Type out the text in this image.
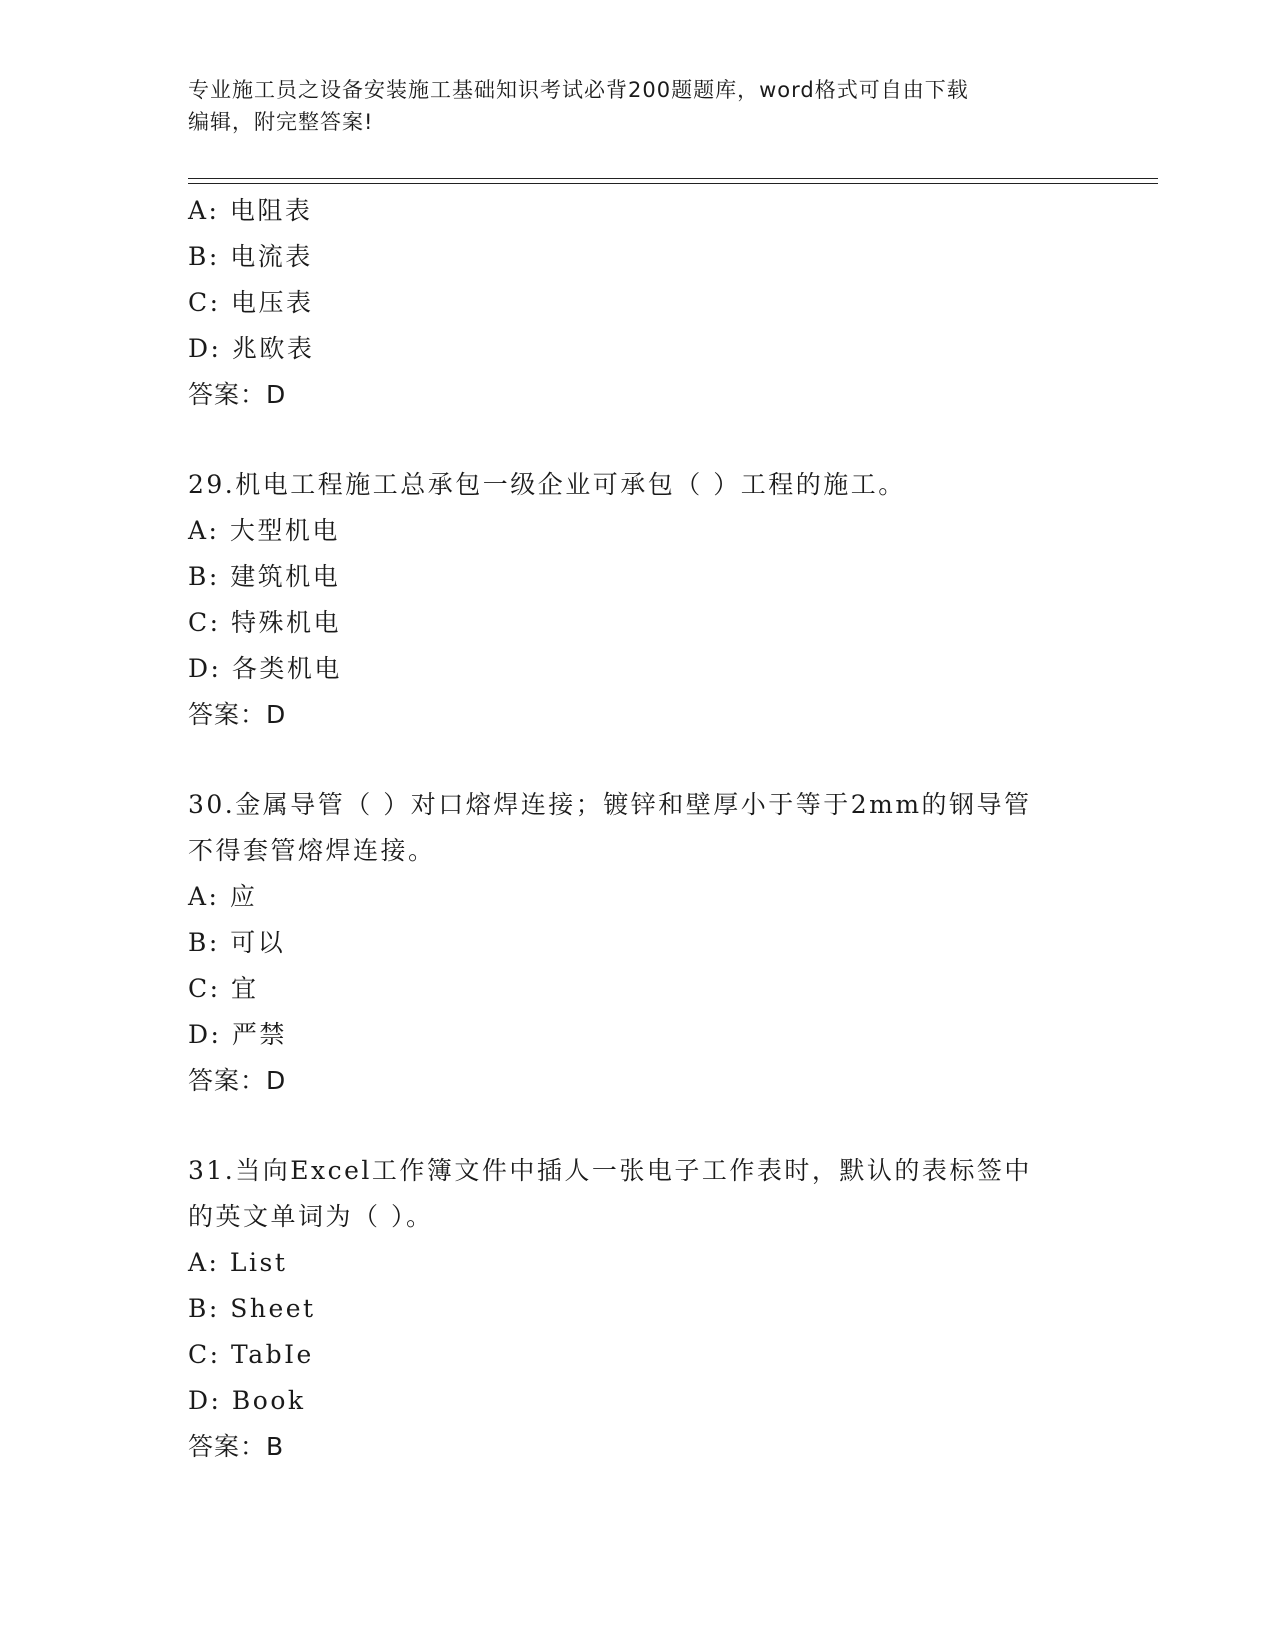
专业施工员之设备安装施工基础知识考试必背200题题库，word格式可自由下载
编辑，附完整答案!
A: 电阻表
B: 电流表
C: 电压表
D: 兆欧表
答案：D
29.机电工程施工总承包一级企业可承包（ ）工程的施工。
A: 大型机电
B: 建筑机电
C: 特殊机电
D: 各类机电
答案：D
30.金属导管（ ）对口熔焊连接；镀锌和壁厚小于等于2mm的钢导管
不得套管熔焊连接。
A: 应
B: 可以
C: 宜
D: 严禁
答案：D
31.当向Excel工作簿文件中插人一张电子工作表时，默认的表标签中
的英文单词为（ ）。
A: List
B: Sheet
C: TabIe
D: Book
答案：B
